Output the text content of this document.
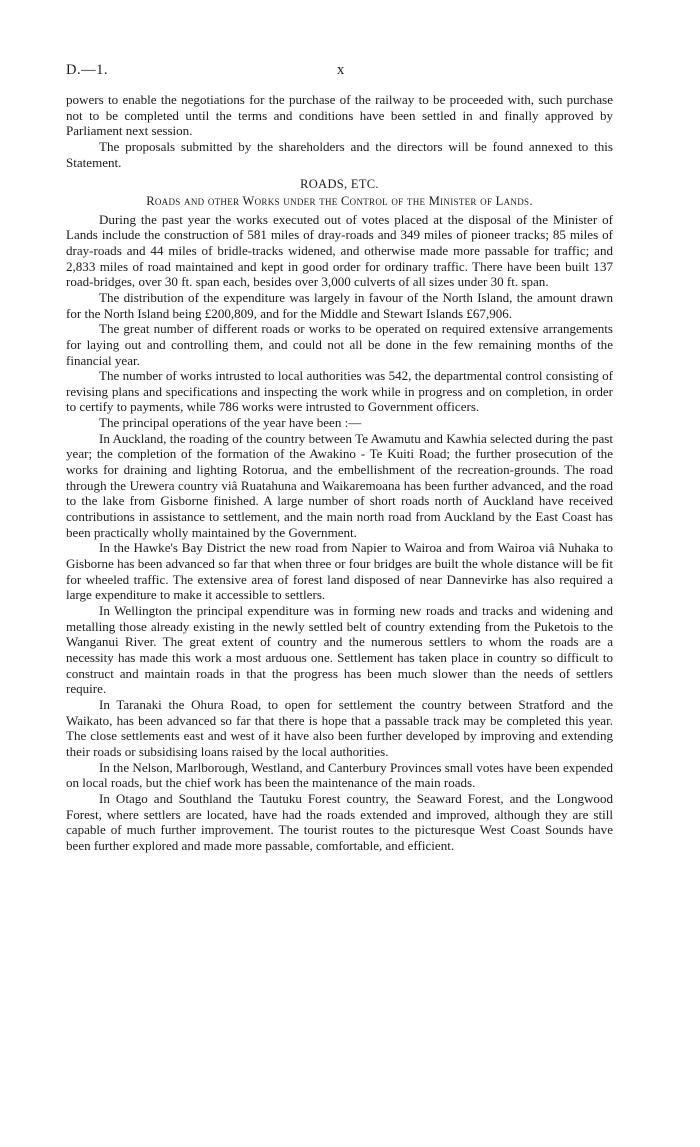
D.—1.	x

powers to enable the negotiations for the purchase of the railway to be proceeded with, such purchase not to be completed until the terms and conditions have been settled in and finally approved by Parliament next session.

The proposals submitted by the shareholders and the directors will be found annexed to this Statement.

ROADS, ETC.
Roads and other Works under the Control of the Minister of Lands.

During the past year the works executed out of votes placed at the disposal of the Minister of Lands include the construction of 581 miles of dray-roads and 349 miles of pioneer tracks; 85 miles of dray-roads and 44 miles of bridle-tracks widened, and otherwise made more passable for traffic; and 2,833 miles of road maintained and kept in good order for ordinary traffic. There have been built 137 road-bridges, over 30 ft. span each, besides over 3,000 culverts of all sizes under 30 ft. span.

The distribution of the expenditure was largely in favour of the North Island, the amount drawn for the North Island being £200,809, and for the Middle and Stewart Islands £67,906.

The great number of different roads or works to be operated on required extensive arrangements for laying out and controlling them, and could not all be done in the few remaining months of the financial year.

The number of works intrusted to local authorities was 542, the departmental control consisting of revising plans and specifications and inspecting the work while in progress and on completion, in order to certify to payments, while 786 works were intrusted to Government officers.

The principal operations of the year have been :—

In Auckland, the roading of the country between Te Awamutu and Kawhia selected during the past year; the completion of the formation of the Awakino - Te Kuiti Road; the further prosecution of the works for draining and lighting Rotorua, and the embellishment of the recreation-grounds. The road through the Urewera country viâ Ruatahuna and Waikaremoana has been further advanced, and the road to the lake from Gisborne finished. A large number of short roads north of Auckland have received contributions in assistance to settlement, and the main north road from Auckland by the East Coast has been practically wholly maintained by the Government.

In the Hawke's Bay District the new road from Napier to Wairoa and from Wairoa viâ Nuhaka to Gisborne has been advanced so far that when three or four bridges are built the whole distance will be fit for wheeled traffic. The extensive area of forest land disposed of near Dannevirke has also required a large expenditure to make it accessible to settlers.

In Wellington the principal expenditure was in forming new roads and tracks and widening and metalling those already existing in the newly settled belt of country extending from the Puketois to the Wanganui River. The great extent of country and the numerous settlers to whom the roads are a necessity has made this work a most arduous one. Settlement has taken place in country so difficult to construct and maintain roads in that the progress has been much slower than the needs of settlers require.

In Taranaki the Ohura Road, to open for settlement the country between Stratford and the Waikato, has been advanced so far that there is hope that a passable track may be completed this year. The close settlements east and west of it have also been further developed by improving and extending their roads or subsidising loans raised by the local authorities.

In the Nelson, Marlborough, Westland, and Canterbury Provinces small votes have been expended on local roads, but the chief work has been the maintenance of the main roads.

In Otago and Southland the Tautuku Forest country, the Seaward Forest, and the Longwood Forest, where settlers are located, have had the roads extended and improved, although they are still capable of much further improvement. The tourist routes to the picturesque West Coast Sounds have been further explored and made more passable, comfortable, and efficient.
